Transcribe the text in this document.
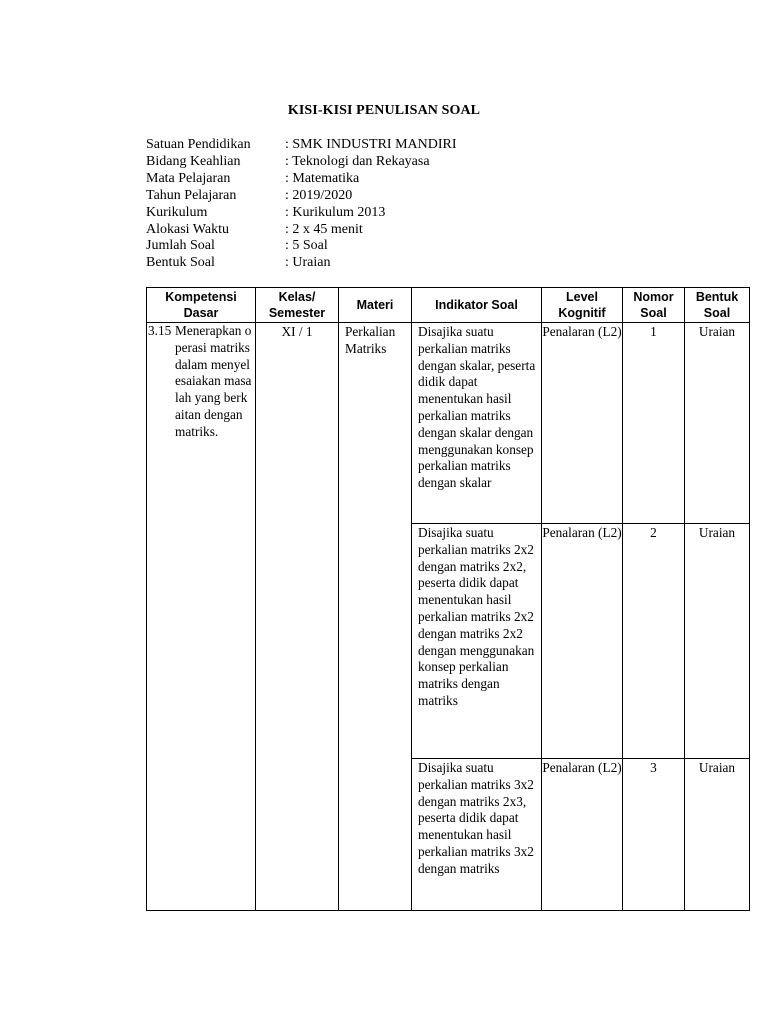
KISI-KISI PENULISAN SOAL
Satuan Pendidikan	: SMK INDUSTRI MANDIRI
Bidang Keahlian	: Teknologi dan Rekayasa
Mata Pelajaran	: Matematika
Tahun Pelajaran	: 2019/2020
Kurikulum	: Kurikulum 2013
Alokasi Waktu	: 2 x 45 menit
Jumlah Soal	: 5 Soal
Bentuk Soal	: Uraian
Kompetensi Dasar	Kelas/ Semester	Materi	Indikator Soal	Level Kognitif	Nomor Soal	Bentuk Soal

3.15 Menerapkan operasi matriks dalam menyelesaiakan masalah yang berkaitan dengan matriks.	XI / 1	Perkalian Matriks	Disajika suatu perkalian matriks dengan skalar, peserta didik dapat menentukan hasil perkalian matriks dengan skalar dengan menggunakan konsep perkalian matriks dengan skalar	Penalaran (L2)	1	Uraian
			Disajika suatu perkalian matriks 2x2 dengan matriks 2x2, peserta didik dapat menentukan hasil perkalian matriks 2x2 dengan matriks 2x2 dengan menggunakan konsep perkalian matriks dengan matriks	Penalaran (L2)	2	Uraian
			Disajika suatu perkalian matriks 3x2 dengan matriks 2x3, peserta didik dapat menentukan hasil perkalian matriks 3x2 dengan matriks	Penalaran (L2)	3	Uraian
